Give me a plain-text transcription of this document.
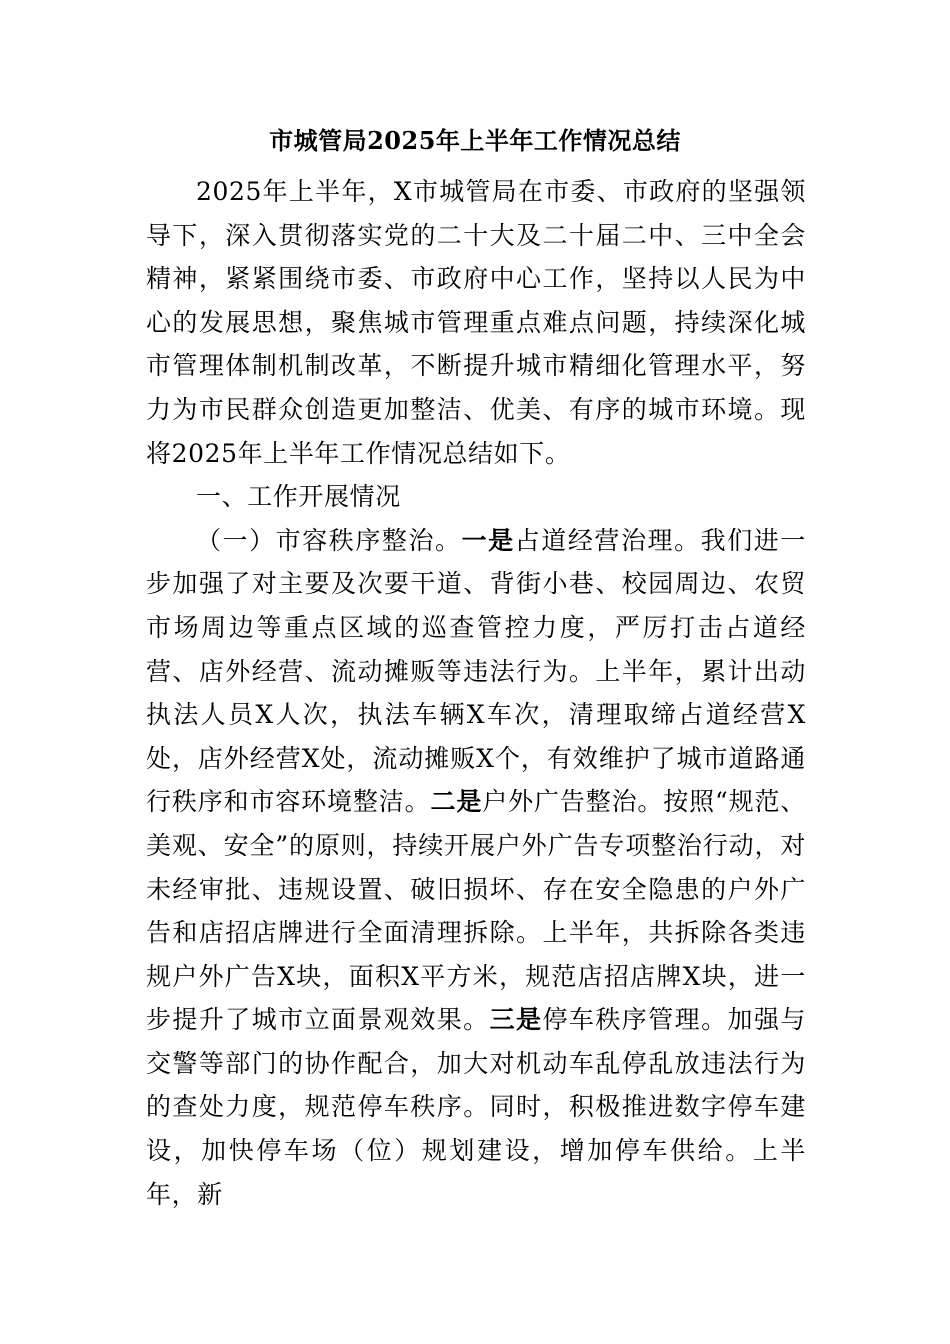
市城管局2025年上半年工作情况总结

2025年上半年，X市城管局在市委、市政府的坚强领导下，深入贯彻落实党的二十大及二十届二中、三中全会精神，紧紧围绕市委、市政府中心工作，坚持以人民为中心的发展思想，聚焦城市管理重点难点问题，持续深化城市管理体制机制改革，不断提升城市精细化管理水平，努力为市民群众创造更加整洁、优美、有序的城市环境。现将2025年上半年工作情况总结如下。

一、工作开展情况

（一）市容秩序整治。一是占道经营治理。我们进一步加强了对主要及次要干道、背街小巷、校园周边、农贸市场周边等重点区域的巡查管控力度，严厉打击占道经营、店外经营、流动摊贩等违法行为。上半年，累计出动执法人员X人次，执法车辆X车次，清理取缔占道经营X处，店外经营X处，流动摊贩X个，有效维护了城市道路通行秩序和市容环境整洁。二是户外广告整治。按照“规范、美观、安全”的原则，持续开展户外广告专项整治行动，对未经审批、违规设置、破旧损坏、存在安全隐患的户外广告和店招店牌进行全面清理拆除。上半年，共拆除各类违规户外广告X块，面积X平方米，规范店招店牌X块，进一步提升了城市立面景观效果。三是停车秩序管理。加强与交警等部门的协作配合，加大对机动车乱停乱放违法行为的查处力度，规范停车秩序。同时，积极推进数字停车建设，加快停车场（位）规划建设，增加停车供给。上半年，新
